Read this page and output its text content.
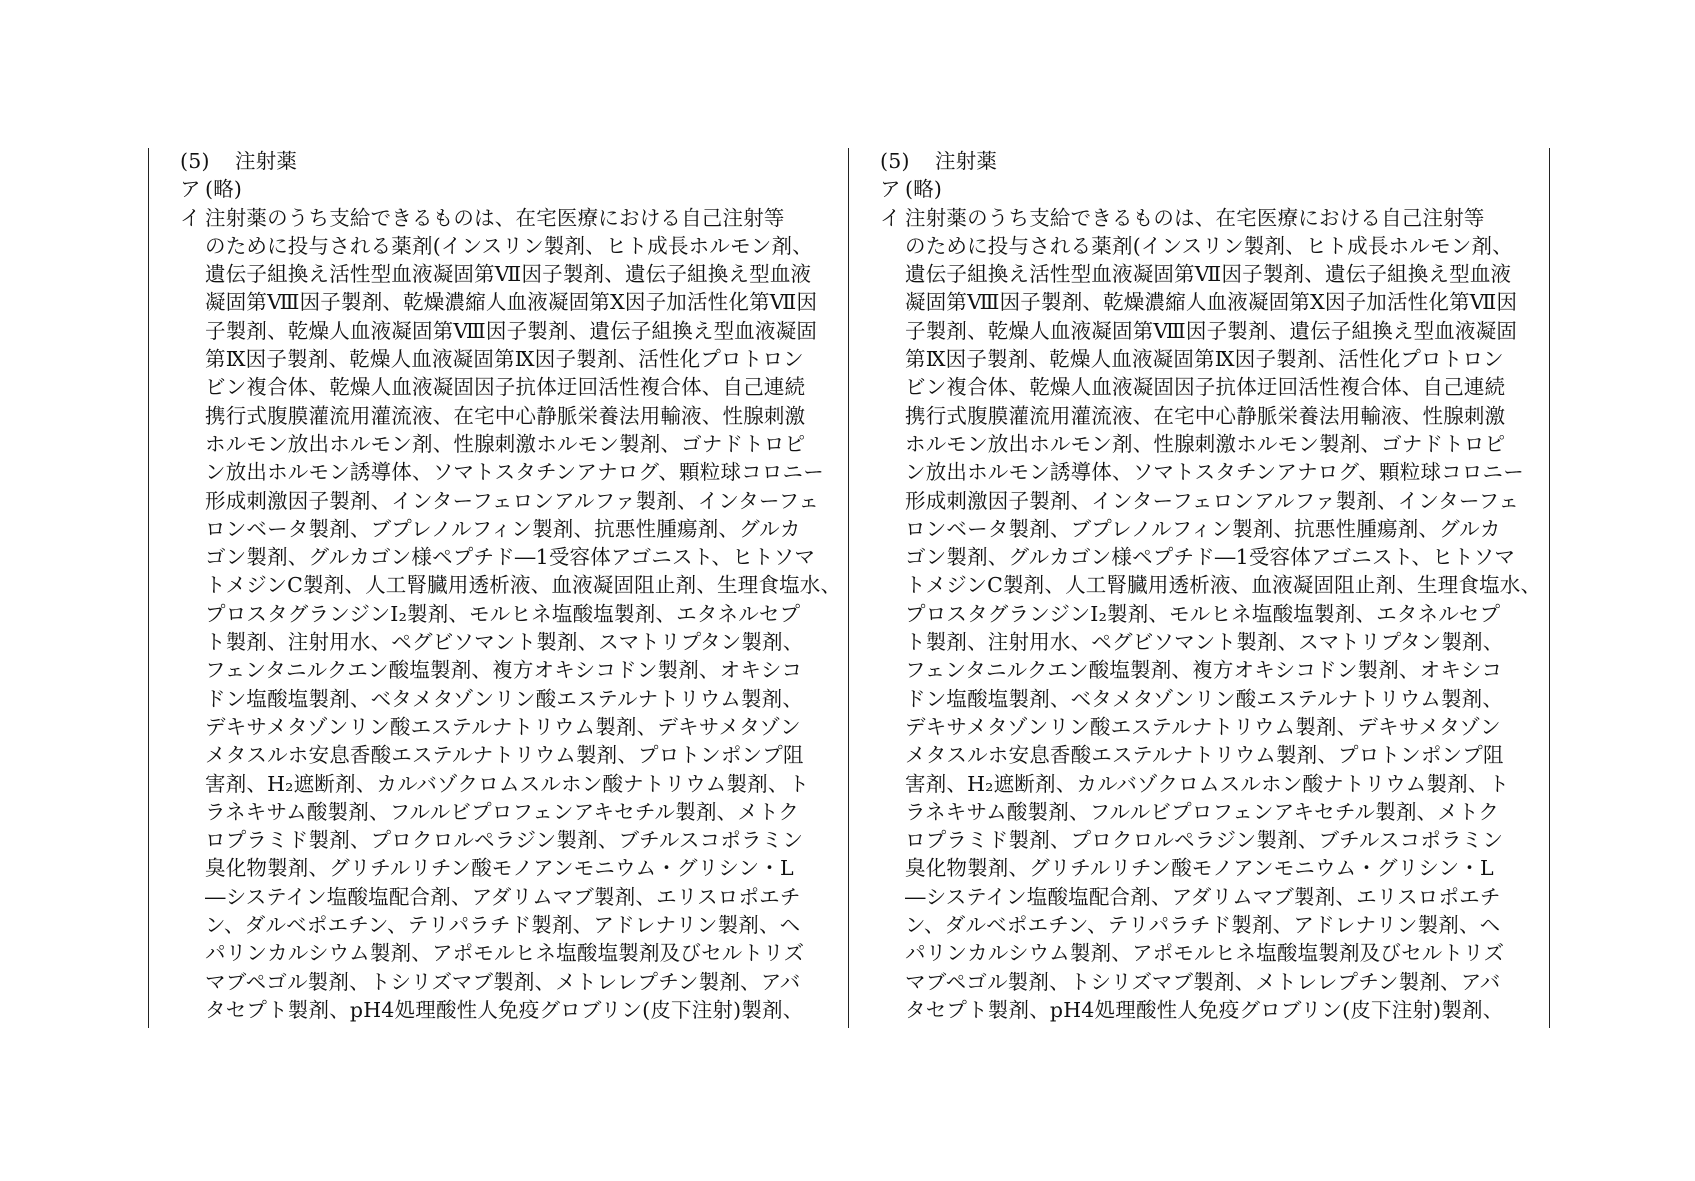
(5) 注射薬
ア (略)
イ 注射薬のうち支給できるものは、在宅医療における自己注射等
のために投与される薬剤(インスリン製剤、ヒト成長ホルモン剤、
遺伝子組換え活性型血液凝固第Ⅶ因子製剤、遺伝子組換え型血液
凝固第Ⅷ因子製剤、乾燥濃縮人血液凝固第Ⅹ因子加活性化第Ⅶ因
子製剤、乾燥人血液凝固第Ⅷ因子製剤、遺伝子組換え型血液凝固
第Ⅸ因子製剤、乾燥人血液凝固第Ⅸ因子製剤、活性化プロトロン
ビン複合体、乾燥人血液凝固因子抗体迂回活性複合体、自己連続
携行式腹膜灌流用灌流液、在宅中心静脈栄養法用輸液、性腺刺激
ホルモン放出ホルモン剤、性腺刺激ホルモン製剤、ゴナドトロピ
ン放出ホルモン誘導体、ソマトスタチンアナログ、顆粒球コロニー
形成刺激因子製剤、インターフェロンアルファ製剤、インターフェ
ロンベータ製剤、ブプレノルフィン製剤、抗悪性腫瘍剤、グルカ
ゴン製剤、グルカゴン様ペプチド―1受容体アゴニスト、ヒトソマ
トメジンC製剤、人工腎臓用透析液、血液凝固阻止剤、生理食塩水、
プロスタグランジンI₂製剤、モルヒネ塩酸塩製剤、エタネルセプ
ト製剤、注射用水、ペグビソマント製剤、スマトリプタン製剤、
フェンタニルクエン酸塩製剤、複方オキシコドン製剤、オキシコ
ドン塩酸塩製剤、ベタメタゾンリン酸エステルナトリウム製剤、
デキサメタゾンリン酸エステルナトリウム製剤、デキサメタゾン
メタスルホ安息香酸エステルナトリウム製剤、プロトンポンプ阻
害剤、H₂遮断剤、カルバゾクロムスルホン酸ナトリウム製剤、ト
ラネキサム酸製剤、フルルビプロフェンアキセチル製剤、メトク
ロプラミド製剤、プロクロルペラジン製剤、ブチルスコポラミン
臭化物製剤、グリチルリチン酸モノアンモニウム・グリシン・L
―システイン塩酸塩配合剤、アダリムマブ製剤、エリスロポエチ
ン、ダルベポエチン、テリパラチド製剤、アドレナリン製剤、ヘ
パリンカルシウム製剤、アポモルヒネ塩酸塩製剤及びセルトリズ
マブペゴル製剤、トシリズマブ製剤、メトレレプチン製剤、アバ
タセプト製剤、pH4処理酸性人免疫グロブリン(皮下注射)製剤、
(5) 注射薬
ア (略)
イ 注射薬のうち支給できるものは、在宅医療における自己注射等
のために投与される薬剤(インスリン製剤、ヒト成長ホルモン剤、
遺伝子組換え活性型血液凝固第Ⅶ因子製剤、遺伝子組換え型血液
凝固第Ⅷ因子製剤、乾燥濃縮人血液凝固第Ⅹ因子加活性化第Ⅶ因
子製剤、乾燥人血液凝固第Ⅷ因子製剤、遺伝子組換え型血液凝固
第Ⅸ因子製剤、乾燥人血液凝固第Ⅸ因子製剤、活性化プロトロン
ビン複合体、乾燥人血液凝固因子抗体迂回活性複合体、自己連続
携行式腹膜灌流用灌流液、在宅中心静脈栄養法用輸液、性腺刺激
ホルモン放出ホルモン剤、性腺刺激ホルモン製剤、ゴナドトロピ
ン放出ホルモン誘導体、ソマトスタチンアナログ、顆粒球コロニー
形成刺激因子製剤、インターフェロンアルファ製剤、インターフェ
ロンベータ製剤、ブプレノルフィン製剤、抗悪性腫瘍剤、グルカ
ゴン製剤、グルカゴン様ペプチド―1受容体アゴニスト、ヒトソマ
トメジンC製剤、人工腎臓用透析液、血液凝固阻止剤、生理食塩水、
プロスタグランジンI₂製剤、モルヒネ塩酸塩製剤、エタネルセプ
ト製剤、注射用水、ペグビソマント製剤、スマトリプタン製剤、
フェンタニルクエン酸塩製剤、複方オキシコドン製剤、オキシコ
ドン塩酸塩製剤、ベタメタゾンリン酸エステルナトリウム製剤、
デキサメタゾンリン酸エステルナトリウム製剤、デキサメタゾン
メタスルホ安息香酸エステルナトリウム製剤、プロトンポンプ阻
害剤、H₂遮断剤、カルバゾクロムスルホン酸ナトリウム製剤、ト
ラネキサム酸製剤、フルルビプロフェンアキセチル製剤、メトク
ロプラミド製剤、プロクロルペラジン製剤、ブチルスコポラミン
臭化物製剤、グリチルリチン酸モノアンモニウム・グリシン・L
―システイン塩酸塩配合剤、アダリムマブ製剤、エリスロポエチ
ン、ダルベポエチン、テリパラチド製剤、アドレナリン製剤、ヘ
パリンカルシウム製剤、アポモルヒネ塩酸塩製剤及びセルトリズ
マブペゴル製剤、トシリズマブ製剤、メトレレプチン製剤、アバ
タセプト製剤、pH4処理酸性人免疫グロブリン(皮下注射)製剤、
